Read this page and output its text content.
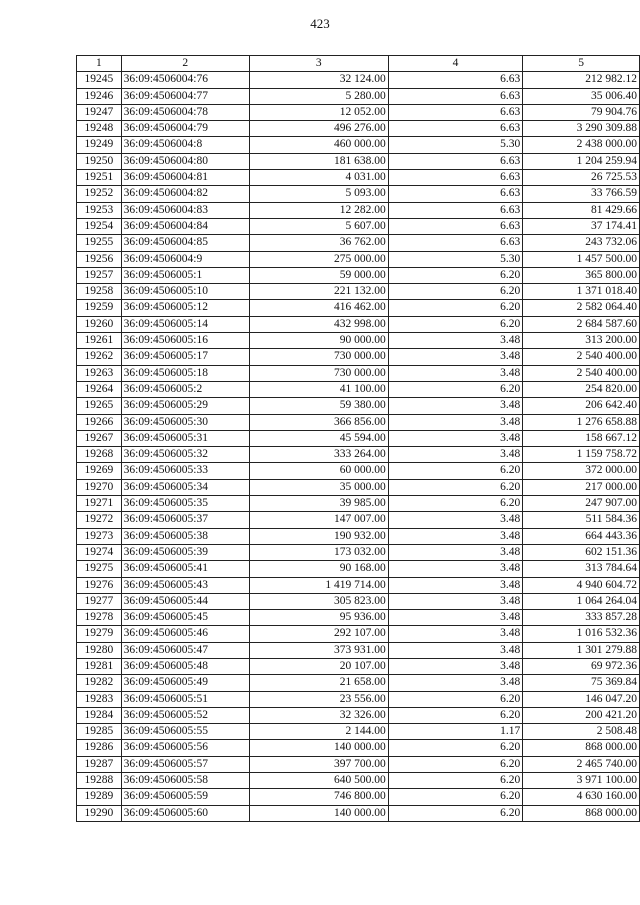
423
1	2	3	4	5
19245	36:09:4506004:76	32 124.00	6.63	212 982.12
19246	36:09:4506004:77	5 280.00	6.63	35 006.40
19247	36:09:4506004:78	12 052.00	6.63	79 904.76
19248	36:09:4506004:79	496 276.00	6.63	3 290 309.88
19249	36:09:4506004:8	460 000.00	5.30	2 438 000.00
19250	36:09:4506004:80	181 638.00	6.63	1 204 259.94
19251	36:09:4506004:81	4 031.00	6.63	26 725.53
19252	36:09:4506004:82	5 093.00	6.63	33 766.59
19253	36:09:4506004:83	12 282.00	6.63	81 429.66
19254	36:09:4506004:84	5 607.00	6.63	37 174.41
19255	36:09:4506004:85	36 762.00	6.63	243 732.06
19256	36:09:4506004:9	275 000.00	5.30	1 457 500.00
19257	36:09:4506005:1	59 000.00	6.20	365 800.00
19258	36:09:4506005:10	221 132.00	6.20	1 371 018.40
19259	36:09:4506005:12	416 462.00	6.20	2 582 064.40
19260	36:09:4506005:14	432 998.00	6.20	2 684 587.60
19261	36:09:4506005:16	90 000.00	3.48	313 200.00
19262	36:09:4506005:17	730 000.00	3.48	2 540 400.00
19263	36:09:4506005:18	730 000.00	3.48	2 540 400.00
19264	36:09:4506005:2	41 100.00	6.20	254 820.00
19265	36:09:4506005:29	59 380.00	3.48	206 642.40
19266	36:09:4506005:30	366 856.00	3.48	1 276 658.88
19267	36:09:4506005:31	45 594.00	3.48	158 667.12
19268	36:09:4506005:32	333 264.00	3.48	1 159 758.72
19269	36:09:4506005:33	60 000.00	6.20	372 000.00
19270	36:09:4506005:34	35 000.00	6.20	217 000.00
19271	36:09:4506005:35	39 985.00	6.20	247 907.00
19272	36:09:4506005:37	147 007.00	3.48	511 584.36
19273	36:09:4506005:38	190 932.00	3.48	664 443.36
19274	36:09:4506005:39	173 032.00	3.48	602 151.36
19275	36:09:4506005:41	90 168.00	3.48	313 784.64
19276	36:09:4506005:43	1 419 714.00	3.48	4 940 604.72
19277	36:09:4506005:44	305 823.00	3.48	1 064 264.04
19278	36:09:4506005:45	95 936.00	3.48	333 857.28
19279	36:09:4506005:46	292 107.00	3.48	1 016 532.36
19280	36:09:4506005:47	373 931.00	3.48	1 301 279.88
19281	36:09:4506005:48	20 107.00	3.48	69 972.36
19282	36:09:4506005:49	21 658.00	3.48	75 369.84
19283	36:09:4506005:51	23 556.00	6.20	146 047.20
19284	36:09:4506005:52	32 326.00	6.20	200 421.20
19285	36:09:4506005:55	2 144.00	1.17	2 508.48
19286	36:09:4506005:56	140 000.00	6.20	868 000.00
19287	36:09:4506005:57	397 700.00	6.20	2 465 740.00
19288	36:09:4506005:58	640 500.00	6.20	3 971 100.00
19289	36:09:4506005:59	746 800.00	6.20	4 630 160.00
19290	36:09:4506005:60	140 000.00	6.20	868 000.00
